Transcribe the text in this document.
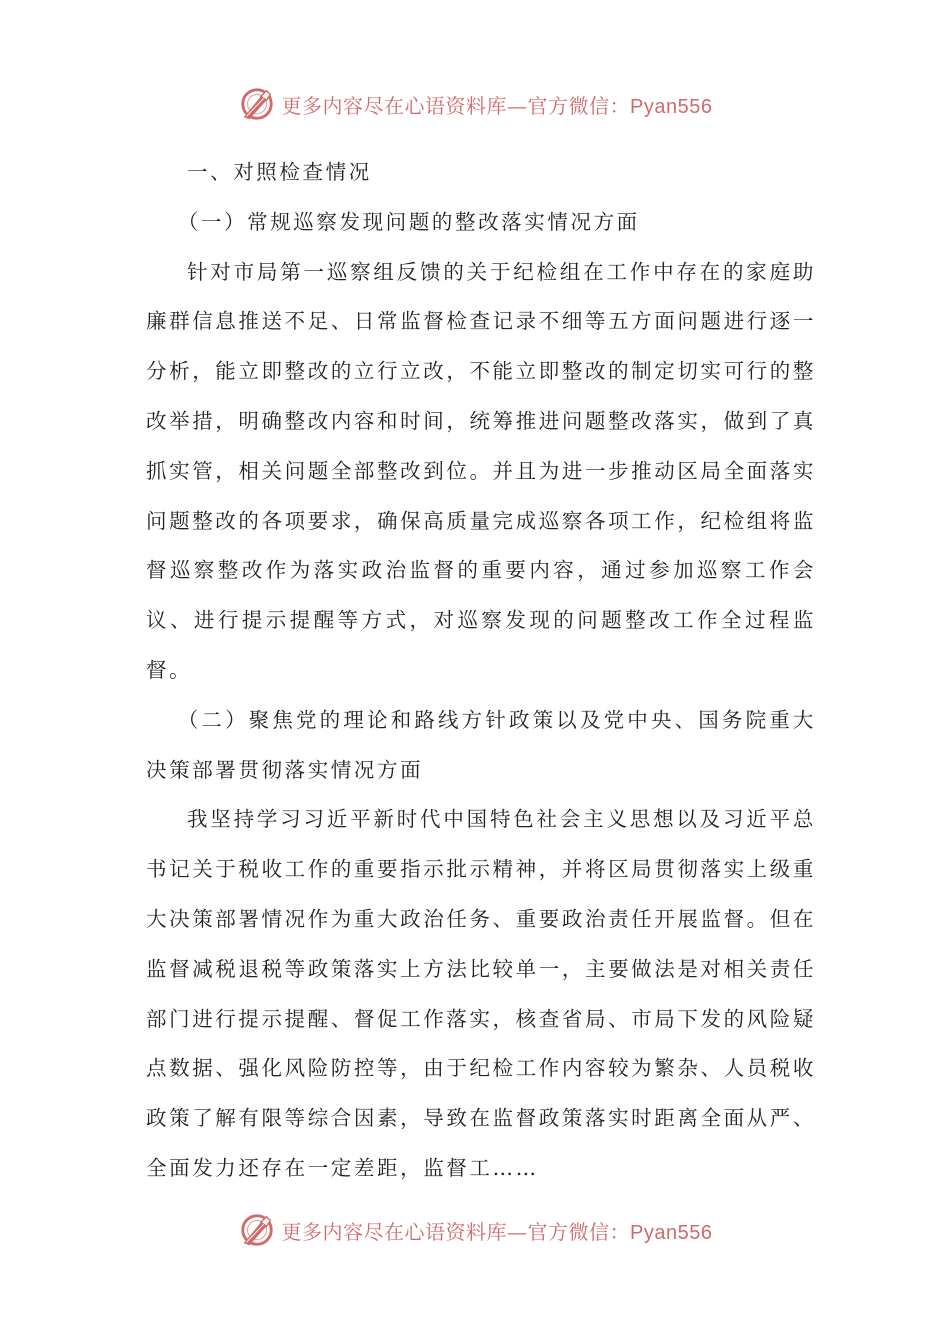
更多内容尽在心语资料库—官方微信：Pyan556

一、对照检查情况

（一）常规巡察发现问题的整改落实情况方面

针对市局第一巡察组反馈的关于纪检组在工作中存在的家庭助廉群信息推送不足、日常监督检查记录不细等五方面问题进行逐一分析，能立即整改的立行立改，不能立即整改的制定切实可行的整改举措，明确整改内容和时间，统筹推进问题整改落实，做到了真抓实管，相关问题全部整改到位。并且为进一步推动区局全面落实问题整改的各项要求，确保高质量完成巡察各项工作，纪检组将监督巡察整改作为落实政治监督的重要内容，通过参加巡察工作会议、进行提示提醒等方式，对巡察发现的问题整改工作全过程监督。

（二）聚焦党的理论和路线方针政策以及党中央、国务院重大决策部署贯彻落实情况方面

我坚持学习习近平新时代中国特色社会主义思想以及习近平总书记关于税收工作的重要指示批示精神，并将区局贯彻落实上级重大决策部署情况作为重大政治任务、重要政治责任开展监督。但在监督减税退税等政策落实上方法比较单一，主要做法是对相关责任部门进行提示提醒、督促工作落实，核查省局、市局下发的风险疑点数据、强化风险防控等，由于纪检工作内容较为繁杂、人员税收政策了解有限等综合因素，导致在监督政策落实时距离全面从严、全面发力还存在一定差距，监督工……

更多内容尽在心语资料库—官方微信：Pyan556
